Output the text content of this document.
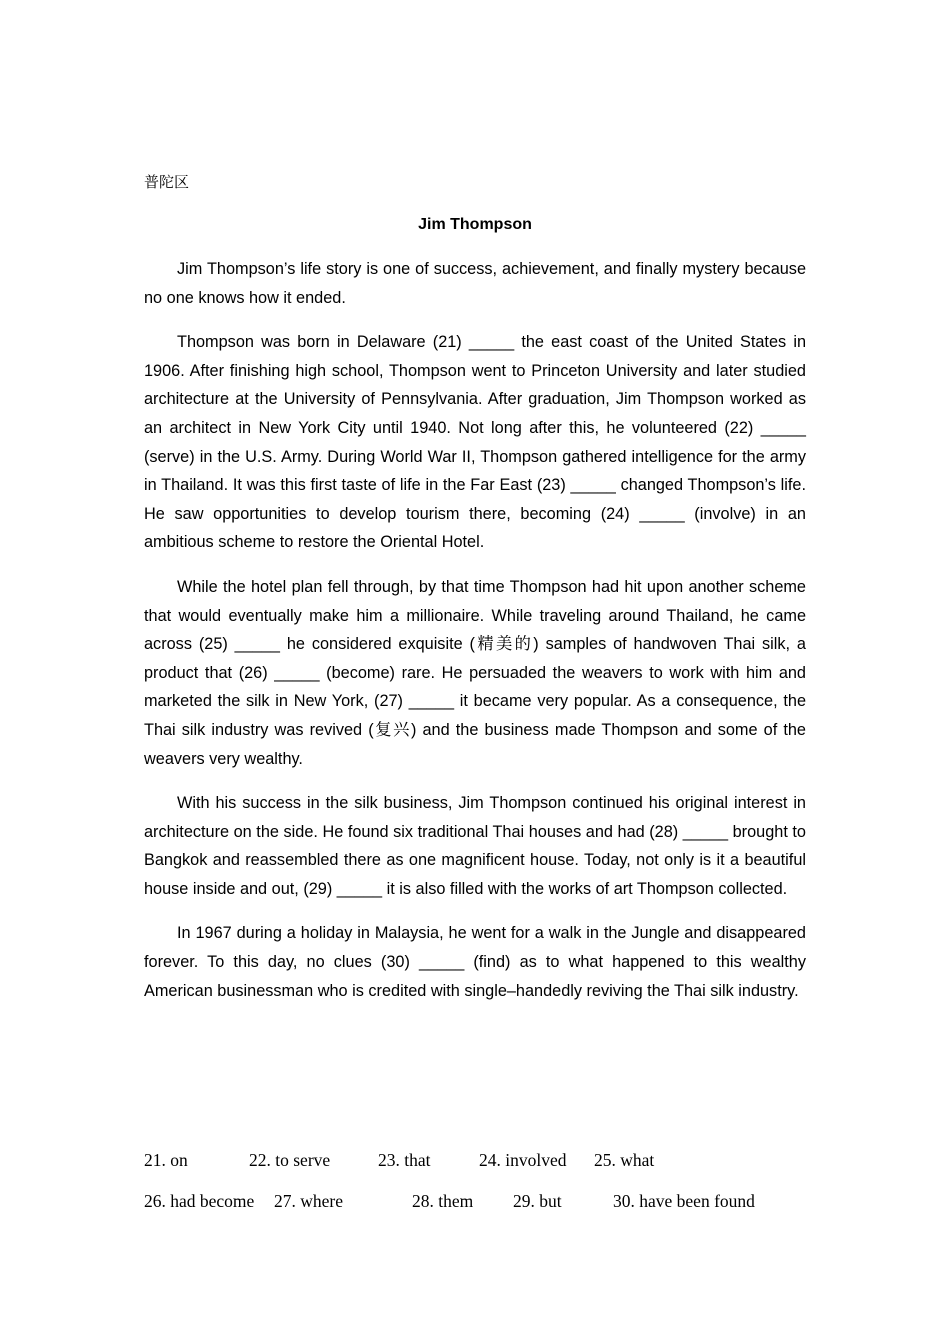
普陀区
Jim Thompson

Jim Thompson’s life story is one of success, achievement, and finally mystery because no one knows how it ended.

Thompson was born in Delaware (21) _____ the east coast of the United States in 1906. After finishing high school, Thompson went to Princeton University and later studied architecture at the University of Pennsylvania. After graduation, Jim Thompson worked as an architect in New York City until 1940. Not long after this, he volunteered (22) _____ (serve) in the U.S. Army. During World War II, Thompson gathered intelligence for the army in Thailand. It was this first taste of life in the Far East (23) _____ changed Thompson’s life. He saw opportunities to develop tourism there, becoming (24) _____ (involve) in an ambitious scheme to restore the Oriental Hotel.

While the hotel plan fell through, by that time Thompson had hit upon another scheme that would eventually make him a millionaire. While traveling around Thailand, he came across (25) _____ he considered exquisite (精美的) samples of handwoven Thai silk, a product that (26) _____ (become) rare. He persuaded the weavers to work with him and marketed the silk in New York, (27) _____ it became very popular. As a consequence, the Thai silk industry was revived (复兴) and the business made Thompson and some of the weavers very wealthy.

With his success in the silk business, Jim Thompson continued his original interest in architecture on the side. He found six traditional Thai houses and had (28) _____ brought to Bangkok and reassembled there as one magnificent house. Today, not only is it a beautiful house inside and out, (29) _____ it is also filled with the works of art Thompson collected.

In 1967 during a holiday in Malaysia, he went for a walk in the Jungle and disappeared forever. To this day, no clues (30) _____ (find) as to what happened to this wealthy American businessman who is credited with single–handedly reviving the Thai silk industry.

21. on	22. to serve	23. that	24. involved 25. what
26. had become 27. where	28. them 29. but	30. have been found
